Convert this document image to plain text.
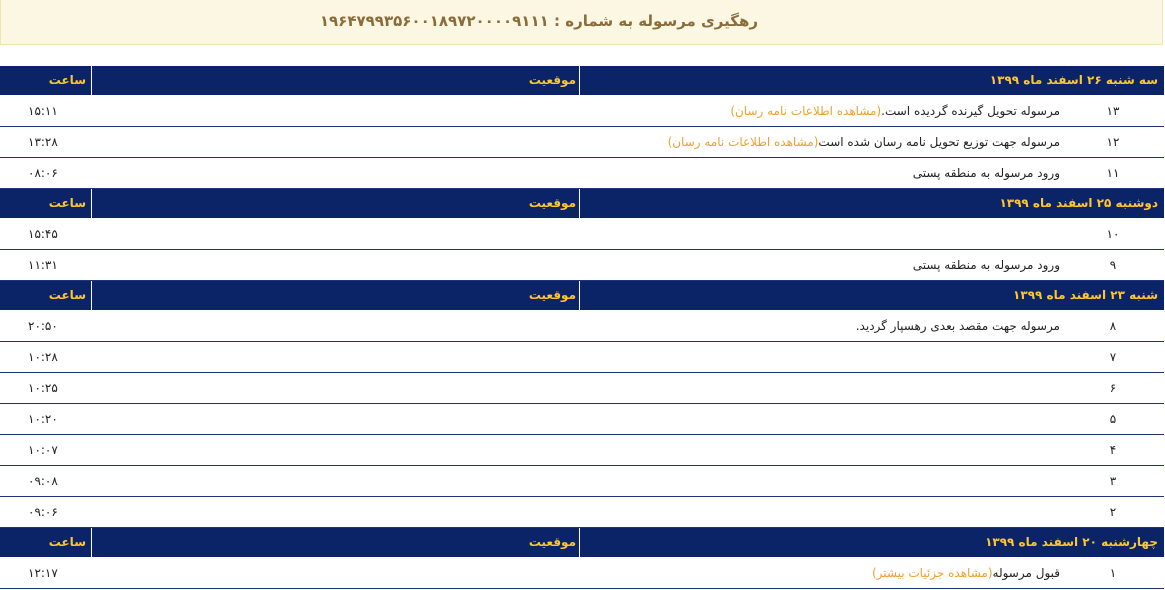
رهگیری مرسوله به شماره : ۱۹۶۴۷۹۹۳۵۶۰۰۱۸۹۷۲۰۰۰۰۹۱۱۱
سه شنبه ۲۶ اسفند ماه ۱۳۹۹
موقعیت
ساعت
۱۳
مرسوله تحویل گیرنده گردیده است.(مشاهده اطلاعات نامه رسان)
۱۵:۱۱
۱۲
مرسوله جهت توزیع تحویل نامه رسان شده است(مشاهده اطلاعات نامه رسان)
۱۳:۲۸
۱۱
ورود مرسوله به منطقه پستی
۰۸:۰۶
دوشنبه ۲۵ اسفند ماه ۱۳۹۹
موقعیت
ساعت
۱۰
۱۵:۴۵
۹
ورود مرسوله به منطقه پستی
۱۱:۳۱
شنبه ۲۳ اسفند ماه ۱۳۹۹
موقعیت
ساعت
۸
مرسوله جهت مقصد بعدی رهسپار گردید.
۲۰:۵۰
۷
۱۰:۲۸
۶
۱۰:۲۵
۵
۱۰:۲۰
۴
۱۰:۰۷
۳
۰۹:۰۸
۲
۰۹:۰۶
چهارشنبه ۲۰ اسفند ماه ۱۳۹۹
موقعیت
ساعت
۱
قبول مرسوله(مشاهده جزئیات بیشتر)
۱۲:۱۷
